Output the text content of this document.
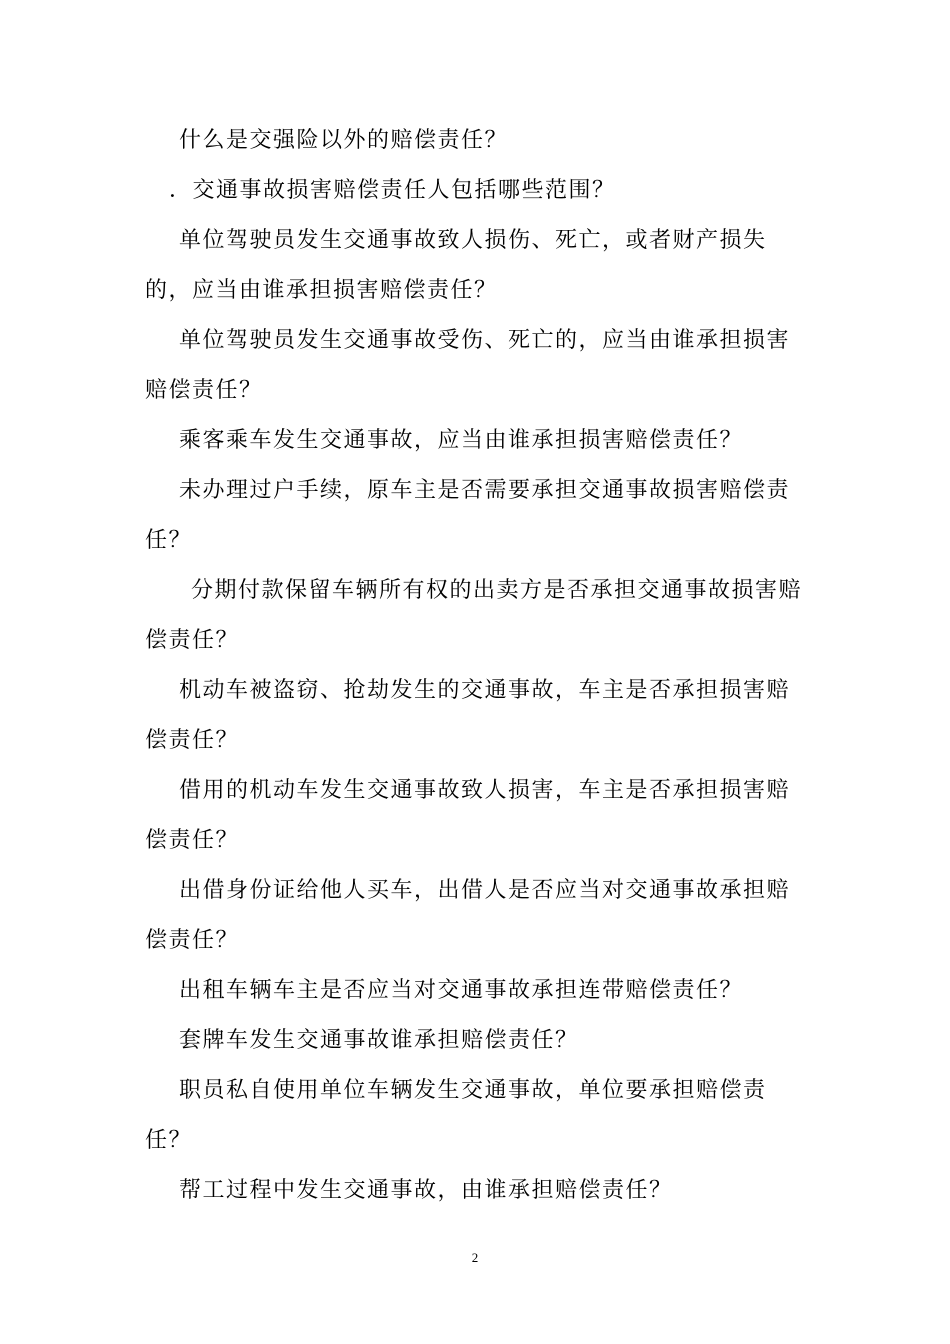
什么是交强险以外的赔偿责任？

．交通事故损害赔偿责任人包括哪些范围？

单位驾驶员发生交通事故致人损伤、死亡，或者财产损失的，应当由谁承担损害赔偿责任？

单位驾驶员发生交通事故受伤、死亡的，应当由谁承担损害赔偿责任？

乘客乘车发生交通事故，应当由谁承担损害赔偿责任？

未办理过户手续，原车主是否需要承担交通事故损害赔偿责任？

分期付款保留车辆所有权的出卖方是否承担交通事故损害赔偿责任？

机动车被盗窃、抢劫发生的交通事故，车主是否承担损害赔偿责任？

借用的机动车发生交通事故致人损害，车主是否承担损害赔偿责任？

出借身份证给他人买车，出借人是否应当对交通事故承担赔偿责任？

出租车辆车主是否应当对交通事故承担连带赔偿责任？

套牌车发生交通事故谁承担赔偿责任？

职员私自使用单位车辆发生交通事故，单位要承担赔偿责任？

帮工过程中发生交通事故，由谁承担赔偿责任？

2
